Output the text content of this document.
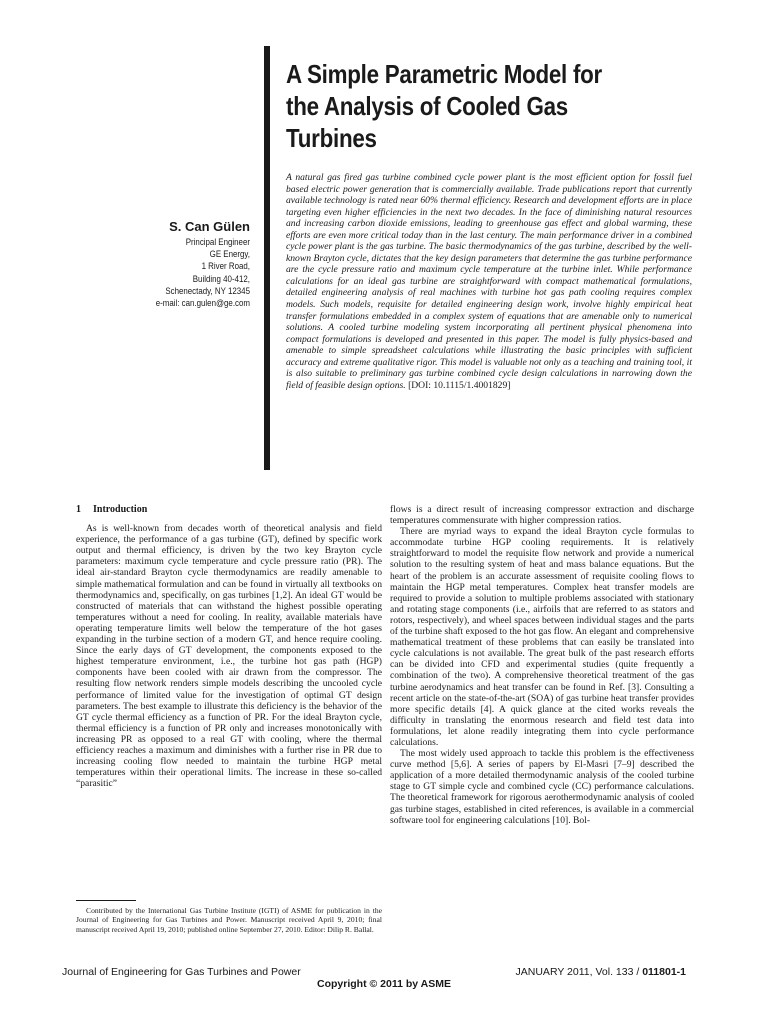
A Simple Parametric Model for
the Analysis of Cooled Gas
Turbines
S. Can Gülen
Principal Engineer
GE Energy,
1 River Road,
Building 40-412,
Schenectady, NY 12345
e-mail: can.gulen@ge.com
A natural gas fired gas turbine combined cycle power plant is the most efficient option for fossil fuel based electric power generation that is commercially available. Trade publications report that currently available technology is rated near 60% thermal efficiency. Research and development efforts are in place targeting even higher efficiencies in the next two decades. In the face of diminishing natural resources and increasing carbon dioxide emissions, leading to greenhouse gas effect and global warming, these efforts are even more critical today than in the last century. The main performance driver in a combined cycle power plant is the gas turbine. The basic thermodynamics of the gas turbine, described by the well-known Brayton cycle, dictates that the key design parameters that determine the gas turbine performance are the cycle pressure ratio and maximum cycle temperature at the turbine inlet. While performance calculations for an ideal gas turbine are straightforward with compact mathematical formulations, detailed engineering analysis of real machines with turbine hot gas path cooling requires complex models. Such models, requisite for detailed engineering design work, involve highly empirical heat transfer formulations embedded in a complex system of equations that are amenable only to numerical solutions. A cooled turbine modeling system incorporating all pertinent physical phenomena into compact formulations is developed and presented in this paper. The model is fully physics-based and amenable to simple spreadsheet calculations while illustrating the basic principles with sufficient accuracy and extreme qualitative rigor. This model is valuable not only as a teaching and training tool, it is also suitable to preliminary gas turbine combined cycle design calculations in narrowing down the field of feasible design options. [DOI: 10.1115/1.4001829]
1 Introduction

As is well-known from decades worth of theoretical analysis and field experience, the performance of a gas turbine (GT), defined by specific work output and thermal efficiency, is driven by the two key Brayton cycle parameters: maximum cycle temperature and cycle pressure ratio (PR). The ideal air-standard Brayton cycle thermodynamics are readily amenable to simple mathematical formulation and can be found in virtually all textbooks on thermodynamics and, specifically, on gas turbines [1,2]. An ideal GT would be constructed of materials that can withstand the highest possible operating temperatures without a need for cooling. In reality, available materials have operating temperature limits well below the temperature of the hot gases expanding in the turbine section of a modern GT, and hence require cooling. Since the early days of GT development, the components exposed to the highest temperature environment, i.e., the turbine hot gas path (HGP) components have been cooled with air drawn from the compressor. The resulting flow network renders simple models describing the uncooled cycle performance of limited value for the investigation of optimal GT design parameters. The best example to illustrate this deficiency is the behavior of the GT cycle thermal efficiency as a function of PR. For the ideal Brayton cycle, thermal efficiency is a function of PR only and increases monotonically with increasing PR as opposed to a real GT with cooling, where the thermal efficiency reaches a maximum and diminishes with a further rise in PR due to increasing cooling flow needed to maintain the turbine HGP metal temperatures within their operational limits. The increase in these so-called “parasitic”

flows is a direct result of increasing compressor extraction and discharge temperatures commensurate with higher compression ratios.

There are myriad ways to expand the ideal Brayton cycle formulas to accommodate turbine HGP cooling requirements. It is relatively straightforward to model the requisite flow network and provide a numerical solution to the resulting system of heat and mass balance equations. But the heart of the problem is an accurate assessment of requisite cooling flows to maintain the HGP metal temperatures. Complex heat transfer models are required to provide a solution to multiple problems associated with stationary and rotating stage components (i.e., airfoils that are referred to as stators and rotors, respectively), and wheel spaces between individual stages and the parts of the turbine shaft exposed to the hot gas flow. An elegant and comprehensive mathematical treatment of these problems that can easily be translated into cycle calculations is not available. The great bulk of the past research efforts can be divided into CFD and experimental studies (quite frequently a combination of the two). A comprehensive theoretical treatment of the gas turbine aerodynamics and heat transfer can be found in Ref. [3]. Consulting a recent article on the state-of-the-art (SOA) of gas turbine heat transfer provides more specific details [4]. A quick glance at the cited works reveals the difficulty in translating the enormous research and field test data into formulations, let alone readily integrating them into cycle performance calculations.

The most widely used approach to tackle this problem is the effectiveness curve method [5,6]. A series of papers by El-Masri [7–9] described the application of a more detailed thermodynamic analysis of the cooled turbine stage to GT simple cycle and combined cycle (CC) performance calculations. The theoretical framework for rigorous aerothermodynamic analysis of cooled gas turbine stages, established in cited references, is available in a commercial software tool for engineering calculations [10]. Bol-

Contributed by the International Gas Turbine Institute (IGTI) of ASME for publication in the Journal of Engineering for Gas Turbines and Power. Manuscript received April 9, 2010; final manuscript received April 19, 2010; published online September 27, 2010. Editor: Dilip R. Ballal.

Journal of Engineering for Gas Turbines and Power	JANUARY 2011, Vol. 133 / 011801-1
Copyright © 2011 by ASME
